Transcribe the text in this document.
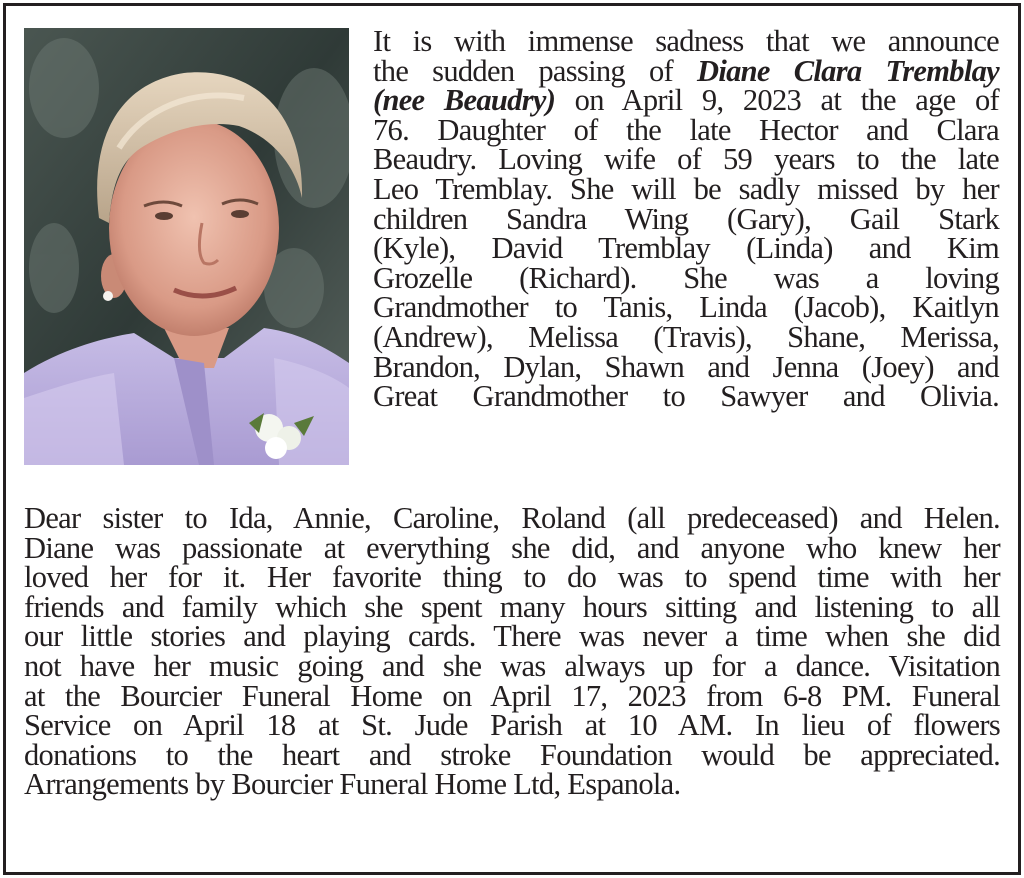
It is with immense sadness that we announce
the sudden passing of Diane Clara Tremblay
(nee Beaudry) on April 9, 2023 at the age of
76. Daughter of the late Hector and Clara
Beaudry. Loving wife of 59 years to the late
Leo Tremblay. She will be sadly missed by her
children Sandra Wing (Gary), Gail Stark
(Kyle), David Tremblay (Linda) and Kim
Grozelle (Richard). She was a loving
Grandmother to Tanis, Linda (Jacob), Kaitlyn
(Andrew), Melissa (Travis), Shane, Merissa,
Brandon, Dylan, Shawn and Jenna (Joey) and
Great Grandmother to Sawyer and Olivia.
Dear sister to Ida, Annie, Caroline, Roland (all predeceased) and Helen.
Diane was passionate at everything she did, and anyone who knew her
loved her for it. Her favorite thing to do was to spend time with her
friends and family which she spent many hours sitting and listening to all
our little stories and playing cards. There was never a time when she did
not have her music going and she was always up for a dance. Visitation
at the Bourcier Funeral Home on April 17, 2023 from 6-8 PM. Funeral
Service on April 18 at St. Jude Parish at 10 AM. In lieu of flowers
donations to the heart and stroke Foundation would be appreciated.
Arrangements by Bourcier Funeral Home Ltd, Espanola.
